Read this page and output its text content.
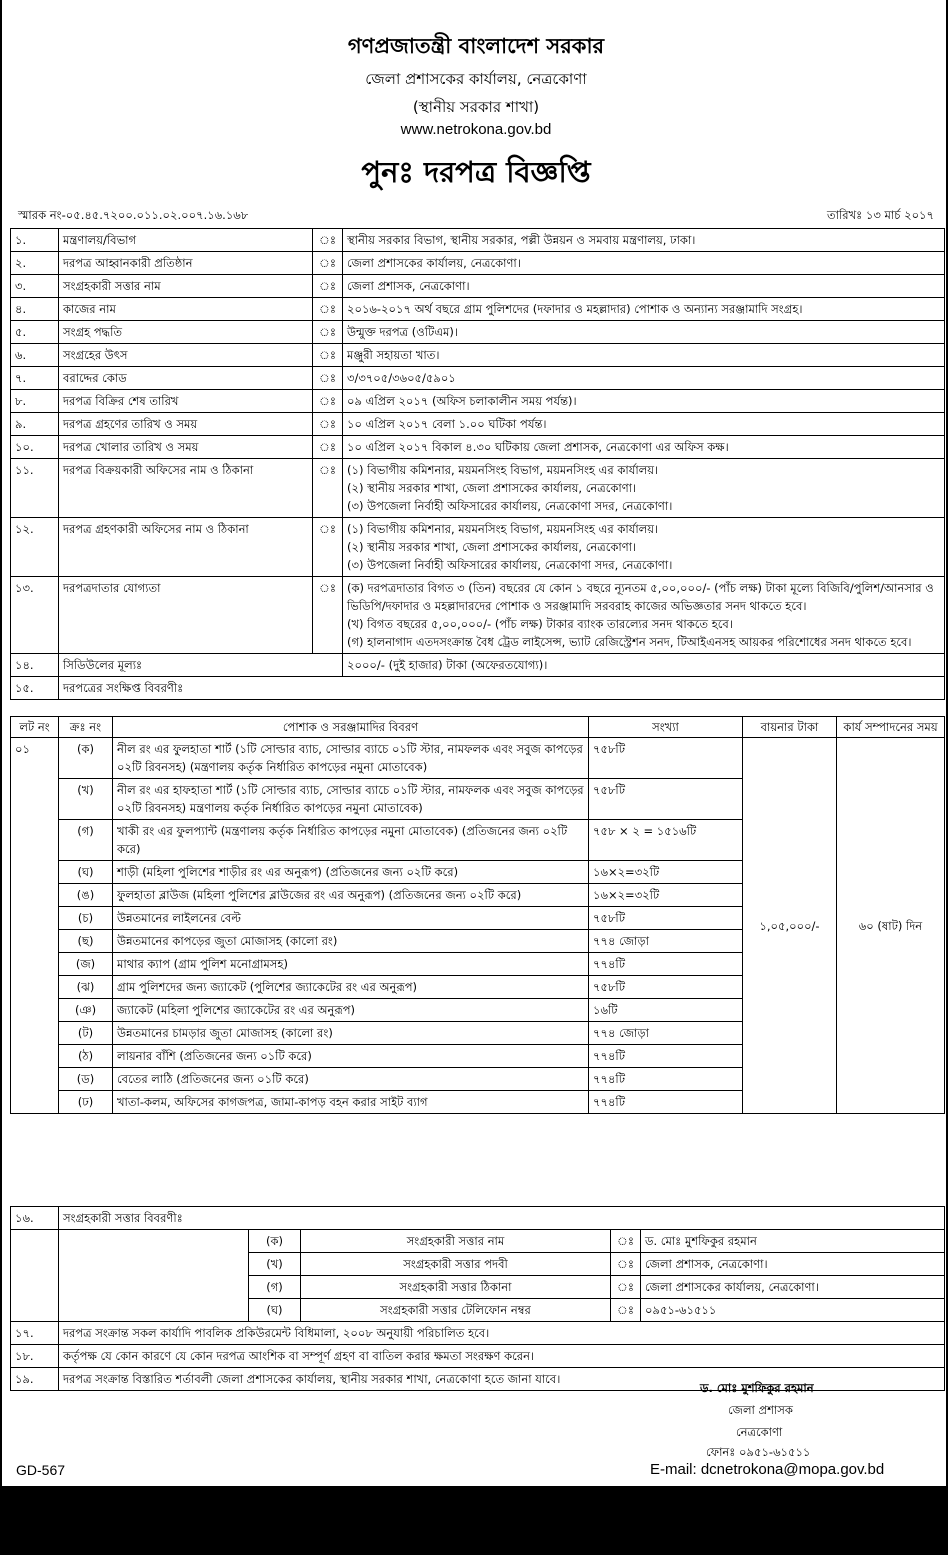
গণপ্রজাতন্ত্রী বাংলাদেশ সরকার
জেলা প্রশাসকের কার্যালয়, নেত্রকোণা
(স্থানীয় সরকার শাখা)
www.netrokona.gov.bd
পুনঃ দরপত্র বিজ্ঞপ্তি
স্মারক নং-০৫.৪৫.৭২০০.০১১.০২.০০৭.১৬.১৬৮	তারিখঃ ১৩ মার্চ ২০১৭
১.	মন্ত্রণালয়/বিভাগ	ঃ	স্থানীয় সরকার বিভাগ, স্থানীয় সরকার, পল্লী উন্নয়ন ও সমবায় মন্ত্রণালয়, ঢাকা।
২.	দরপত্র আহ্বানকারী প্রতিষ্ঠান	ঃ	জেলা প্রশাসকের কার্যালয়, নেত্রকোণা।
৩.	সংগ্রহকারী সত্তার নাম	ঃ	জেলা প্রশাসক, নেত্রকোণা।
৪.	কাজের নাম	ঃ	২০১৬-২০১৭ অর্থ বছরে গ্রাম পুলিশদের (দফাদার ও মহল্লাদার) পোশাক ও অন্যান্য সরঞ্জামাদি সংগ্রহ।
৫.	সংগ্রহ পদ্ধতি	ঃ	উন্মুক্ত দরপত্র (ওটিএম)।
৬.	সংগ্রহের উৎস	ঃ	মঞ্জুরী সহায়তা খাত।
৭.	বরাদ্দের কোড	ঃ	৩/৩৭০৫/৩৬০৫/৫৯০১
৮.	দরপত্র বিক্রির শেষ তারিখ	ঃ	০৯ এপ্রিল ২০১৭ (অফিস চলাকালীন সময় পর্যন্ত)।
৯.	দরপত্র গ্রহণের তারিখ ও সময়	ঃ	১০ এপ্রিল ২০১৭ বেলা ১.০০ ঘটিকা পর্যন্ত।
১০.	দরপত্র খোলার তারিখ ও সময়	ঃ	১০ এপ্রিল ২০১৭ বিকাল ৪.৩০ ঘটিকায় জেলা প্রশাসক, নেত্রকোণা এর অফিস কক্ষ।
১১.	দরপত্র বিক্রয়কারী অফিসের নাম ও ঠিকানা	ঃ	(১) বিভাগীয় কমিশনার, ময়মনসিংহ বিভাগ, ময়মনসিংহ এর কার্যালয়।
(২) স্থানীয় সরকার শাখা, জেলা প্রশাসকের কার্যালয়, নেত্রকোণা।
(৩) উপজেলা নির্বাহী অফিসারের কার্যালয়, নেত্রকোণা সদর, নেত্রকোণা।

১২.	দরপত্র গ্রহণকারী অফিসের নাম ও ঠিকানা	ঃ	(১) বিভাগীয় কমিশনার, ময়মনসিংহ বিভাগ, ময়মনসিংহ এর কার্যালয়।
(২) স্থানীয় সরকার শাখা, জেলা প্রশাসকের কার্যালয়, নেত্রকোণা।
(৩) উপজেলা নির্বাহী অফিসারের কার্যালয়, নেত্রকোণা সদর, নেত্রকোণা।

১৩.	দরপত্রদাতার যোগ্যতা	ঃ	(ক) দরপত্রদাতার বিগত ৩ (তিন) বছরের যে কোন ১ বছরে ন্যূনতম ৫,০০,০০০/- (পাঁচ লক্ষ) টাকা মূল্যে বিজিবি/পুলিশ/আনসার ও ভিডিপি/দফাদার ও মহল্লাদারদের পোশাক ও সরঞ্জামাদি সরবরাহ কাজের অভিজ্ঞতার সনদ থাকতে হবে।
(খ) বিগত বছরের ৫,০০,০০০/- (পাঁচ লক্ষ) টাকার ব্যাংক তারল্যের সনদ থাকতে হবে।
(গ) হালনাগাদ এতদসংক্রান্ত বৈধ ট্রেড লাইসেন্স, ভ্যাট রেজিস্ট্রেশন সনদ, টিআইএনসহ আয়কর পরিশোধের সনদ থাকতে হবে।

১৪.	সিডিউলের মূল্যঃ		২০০০/- (দুই হাজার) টাকা (অফেরতযোগ্য)।
১৫.	দরপত্রের সংক্ষিপ্ত বিবরণীঃ		
লট নং	ক্রঃ নং	পোশাক ও সরঞ্জামাদির বিবরণ	সংখ্যা	বায়নার টাকা	কার্য সম্পাদনের সময়
০১	(ক)	নীল রং এর ফুলহাতা শার্ট (১টি সোল্ডার ব্যাচ, সোল্ডার ব্যাচে ০১টি স্টার, নামফলক এবং সবুজ কাপড়ের ০২টি রিবনসহ) (মন্ত্রণালয় কর্তৃক নির্ধারিত কাপড়ের নমুনা মোতাবেক)	৭৫৮টি	১,০৫,০০০/-	৬০ (ষাট) দিন
	(খ)	নীল রং এর হাফহাতা শার্ট (১টি সোল্ডার ব্যাচ, সোল্ডার ব্যাচে ০১টি স্টার, নামফলক এবং সবুজ কাপড়ের ০২টি রিবনসহ) মন্ত্রণালয় কর্তৃক নির্ধারিত কাপড়ের নমুনা মোতাবেক)	৭৫৮টি		
	(গ)	খাকী রং এর ফুলপ্যান্ট (মন্ত্রণালয় কর্তৃক নির্ধারিত কাপড়ের নমুনা মোতাবেক) (প্রতিজনের জন্য ০২টি করে)	৭৫৮ × ২ = ১৫১৬টি		
	(ঘ)	শাড়ী (মহিলা পুলিশের শাড়ীর রং এর অনুরূপ) (প্রতিজনের জন্য ০২টি করে)	১৬×২=৩২টি		
	(ঙ)	ফুলহাতা ব্লাউজ (মহিলা পুলিশের ব্লাউজের রং এর অনুরূপ) (প্রতিজনের জন্য ০২টি করে)	১৬×২=৩২টি		
	(চ)	উন্নতমানের লাইলনের বেল্ট	৭৫৮টি		
	(ছ)	উন্নতমানের কাপড়ের জুতা মোজাসহ (কালো রং)	৭৭৪ জোড়া		
	(জ)	মাথার ক্যাপ (গ্রাম পুলিশ মনোগ্রামসহ)	৭৭৪টি		
	(ঝ)	গ্রাম পুলিশদের জন্য জ্যাকেট (পুলিশের জ্যাকেটের রং এর অনুরূপ)	৭৫৮টি		
	(ঞ)	জ্যাকেট (মহিলা পুলিশের জ্যাকেটের রং এর অনুরূপ)	১৬টি		
	(ট)	উন্নতমানের চামড়ার জুতা মোজাসহ (কালো রং)	৭৭৪ জোড়া		
	(ঠ)	লায়নার বাঁশি (প্রতিজনের জন্য ০১টি করে)	৭৭৪টি		
	(ড)	বেতের লাঠি (প্রতিজনের জন্য ০১টি করে)	৭৭৪টি		
	(ঢ)	খাতা-কলম, অফিসের কাগজপত্র, জামা-কাপড় বহন করার সাইট ব্যাগ	৭৭৪টি		
১৬.	সংগ্রহকারী সত্তার বিবরণীঃ				
		(ক)	সংগ্রহকারী সত্তার নাম	ঃ	ড. মোঃ মুশফিকুর রহমান
		(খ)	সংগ্রহকারী সত্তার পদবী	ঃ	জেলা প্রশাসক, নেত্রকোণা।
		(গ)	সংগ্রহকারী সত্তার ঠিকানা	ঃ	জেলা প্রশাসকের কার্যালয়, নেত্রকোণা।
		(ঘ)	সংগ্রহকারী সত্তার টেলিফোন নম্বর	ঃ	০৯৫১-৬১৫১১
১৭.	দরপত্র সংক্রান্ত সকল কার্যাদি পাবলিক প্রকিউরমেন্ট বিধিমালা, ২০০৮ অনুযায়ী পরিচালিত হবে।				
১৮.	কর্তৃপক্ষ যে কোন কারণে যে কোন দরপত্র আংশিক বা সম্পূর্ণ গ্রহণ বা বাতিল করার ক্ষমতা সংরক্ষণ করেন।				
১৯.	দরপত্র সংক্রান্ত বিস্তারিত শর্তাবলী জেলা প্রশাসকের কার্যালয়, স্থানীয় সরকার শাখা, নেত্রকোণা হতে জানা যাবে।				
ড. মোঃ মুশফিকুর রহমান
জেলা প্রশাসক
নেত্রকোণা
ফোনঃ ০৯৫১-৬১৫১১
GD-567	E-mail: dcnetrokona@mopa.gov.bd
